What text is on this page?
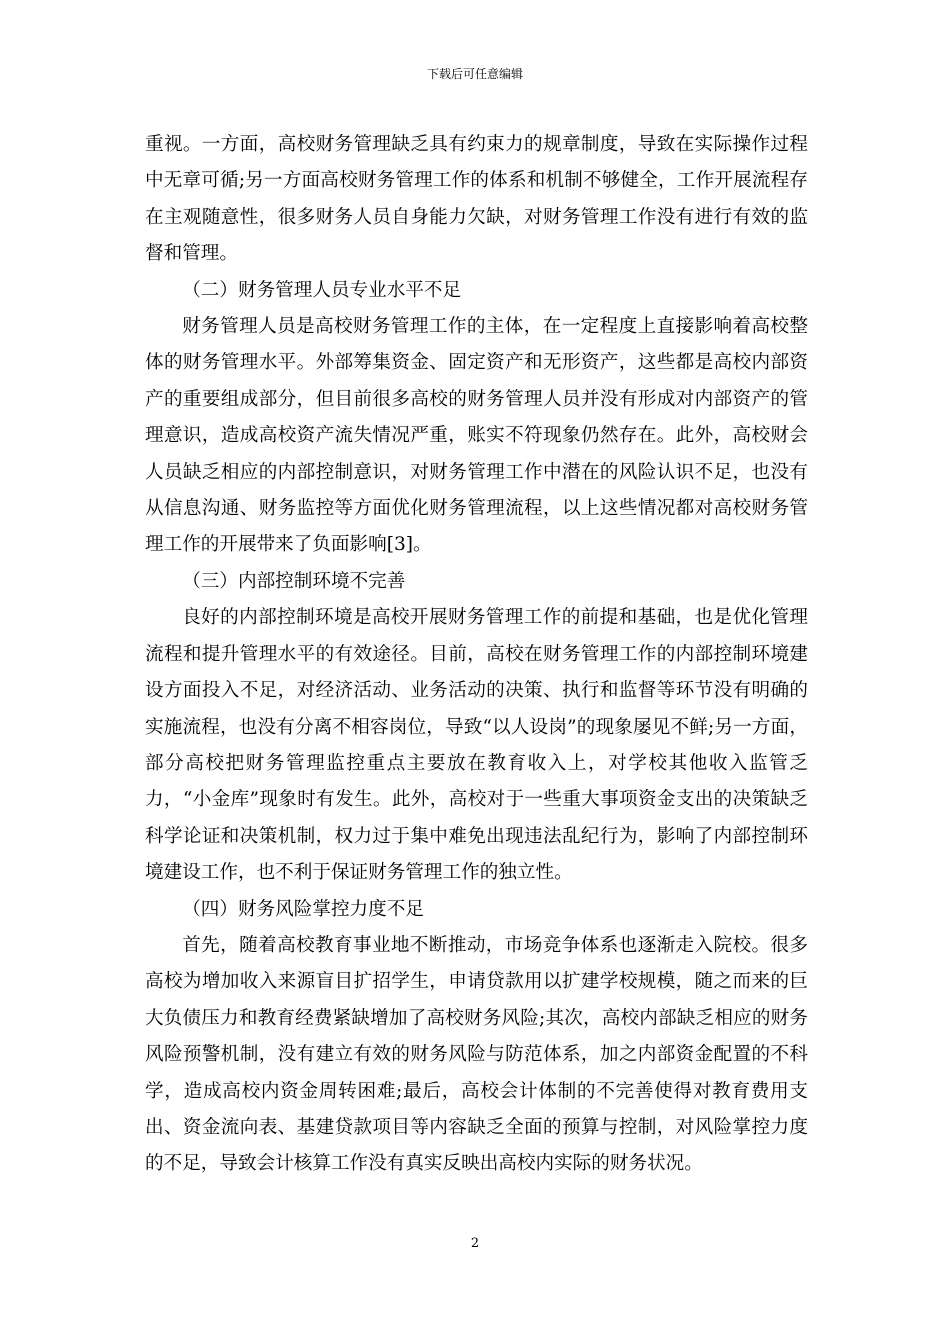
下载后可任意编辑

重视。一方面，高校财务管理缺乏具有约束力的规章制度，导致在实际操作过程中无章可循;另一方面高校财务管理工作的体系和机制不够健全，工作开展流程存在主观随意性，很多财务人员自身能力欠缺，对财务管理工作没有进行有效的监督和管理。

（二）财务管理人员专业水平不足

财务管理人员是高校财务管理工作的主体，在一定程度上直接影响着高校整体的财务管理水平。外部筹集资金、固定资产和无形资产，这些都是高校内部资产的重要组成部分，但目前很多高校的财务管理人员并没有形成对内部资产的管理意识，造成高校资产流失情况严重，账实不符现象仍然存在。此外，高校财会人员缺乏相应的内部控制意识，对财务管理工作中潜在的风险认识不足，也没有从信息沟通、财务监控等方面优化财务管理流程，以上这些情况都对高校财务管理工作的开展带来了负面影响[3]。

（三）内部控制环境不完善

良好的内部控制环境是高校开展财务管理工作的前提和基础，也是优化管理流程和提升管理水平的有效途径。目前，高校在财务管理工作的内部控制环境建设方面投入不足，对经济活动、业务活动的决策、执行和监督等环节没有明确的实施流程，也没有分离不相容岗位，导致“以人设岗”的现象屡见不鲜;另一方面，部分高校把财务管理监控重点主要放在教育收入上，对学校其他收入监管乏力，“小金库”现象时有发生。此外，高校对于一些重大事项资金支出的决策缺乏科学论证和决策机制，权力过于集中难免出现违法乱纪行为，影响了内部控制环境建设工作，也不利于保证财务管理工作的独立性。

（四）财务风险掌控力度不足

首先，随着高校教育事业地不断推动，市场竞争体系也逐渐走入院校。很多高校为增加收入来源盲目扩招学生，申请贷款用以扩建学校规模，随之而来的巨大负债压力和教育经费紧缺增加了高校财务风险;其次，高校内部缺乏相应的财务风险预警机制，没有建立有效的财务风险与防范体系，加之内部资金配置的不科学，造成高校内资金周转困难;最后，高校会计体制的不完善使得对教育费用支出、资金流向表、基建贷款项目等内容缺乏全面的预算与控制，对风险掌控力度的不足，导致会计核算工作没有真实反映出高校内实际的财务状况。

2
